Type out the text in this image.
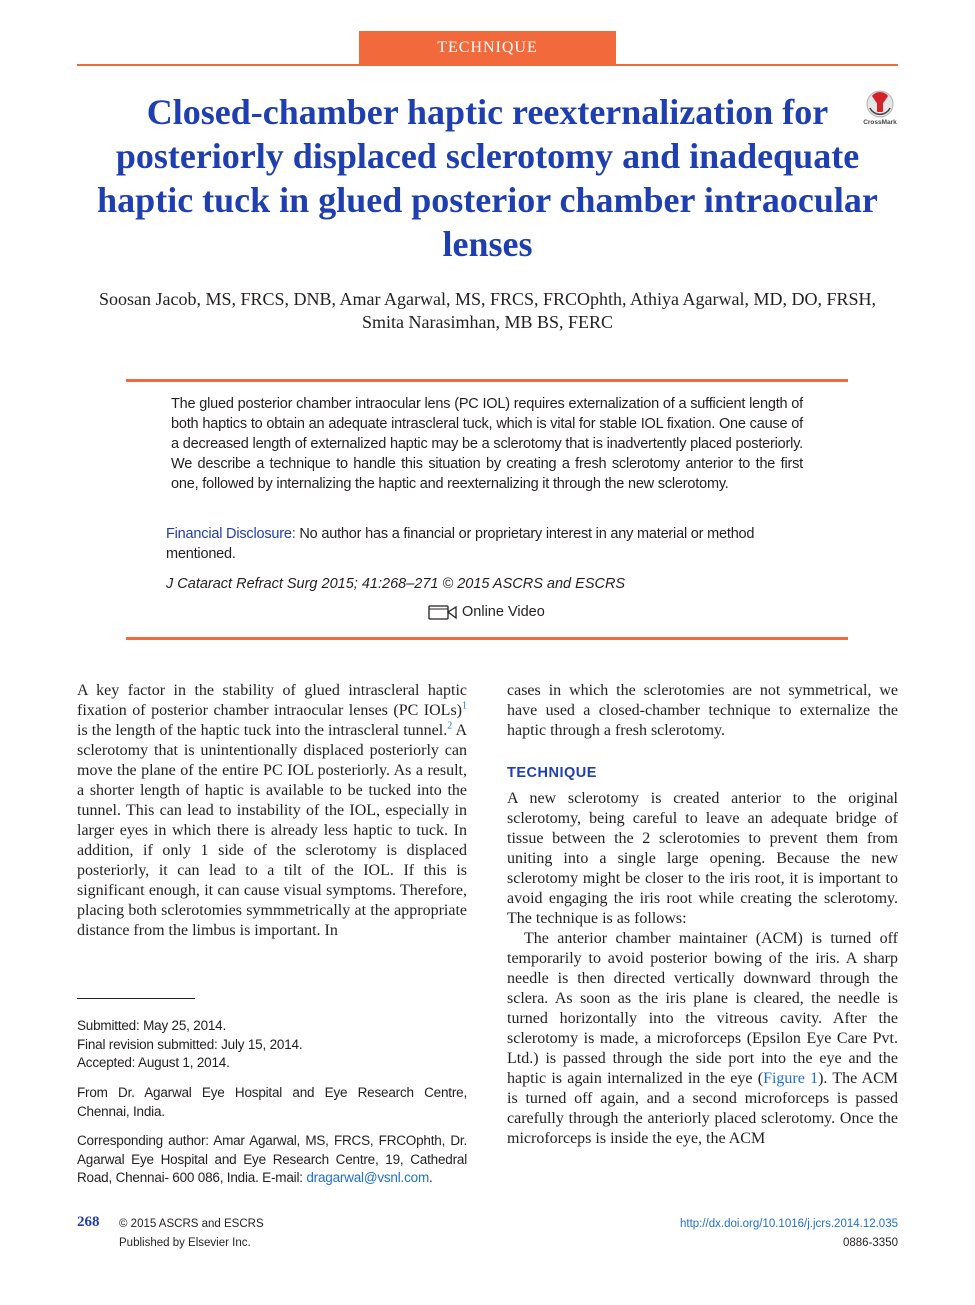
TECHNIQUE
Closed-chamber haptic reexternalization for posteriorly displaced sclerotomy and inadequate haptic tuck in glued posterior chamber intraocular lenses
CrossMark
Soosan Jacob, MS, FRCS, DNB, Amar Agarwal, MS, FRCS, FRCOphth, Athiya Agarwal, MD, DO, FRSH,
Smita Narasimhan, MB BS, FERC
The glued posterior chamber intraocular lens (PC IOL) requires externalization of a sufficient length of both haptics to obtain an adequate intrascleral tuck, which is vital for stable IOL fixation. One cause of a decreased length of externalized haptic may be a sclerotomy that is inadvertently placed posteriorly. We describe a technique to handle this situation by creating a fresh sclerotomy anterior to the first one, followed by internalizing the haptic and reexternalizing it through the new sclerotomy.
Financial Disclosure: No author has a financial or proprietary interest in any material or method mentioned.
J Cataract Refract Surg 2015; 41:268–271 © 2015 ASCRS and ESCRS
Online Video

A key factor in the stability of glued intrascleral haptic fixation of posterior chamber intraocular lenses (PC IOLs)$^1$ is the length of the haptic tuck into the intrascleral tunnel.$^2$ A sclerotomy that is unintentionally displaced posteriorly can move the plane of the entire PC IOL posteriorly. As a result, a shorter length of haptic is available to be tucked into the tunnel. This can lead to instability of the IOL, especially in larger eyes in which there is already less haptic to tuck. In addition, if only 1 side of the sclerotomy is displaced posteriorly, it can lead to a tilt of the IOL. If this is significant enough, it can cause visual symptoms. Therefore, placing both sclerotomies symmmetrically at the appropriate distance from the limbus is important. In

Submitted: May 25, 2014.
Final revision submitted: July 15, 2014.
Accepted: August 1, 2014.
From Dr. Agarwal Eye Hospital and Eye Research Centre, Chennai, India.
Corresponding author: Amar Agarwal, MS, FRCS, FRCOphth, Dr. Agarwal Eye Hospital and Eye Research Centre, 19, Cathedral Road, Chennai- 600 086, India. E-mail: dragarwal@vsnl.com.

cases in which the sclerotomies are not symmetrical, we have used a closed-chamber technique to externalize the haptic through a fresh sclerotomy.

TECHNIQUE

A new sclerotomy is created anterior to the original sclerotomy, being careful to leave an adequate bridge of tissue between the 2 sclerotomies to prevent them from uniting into a single large opening. Because the new sclerotomy might be closer to the iris root, it is important to avoid engaging the iris root while creating the sclerotomy. The technique is as follows:

The anterior chamber maintainer (ACM) is turned off temporarily to avoid posterior bowing of the iris. A sharp needle is then directed vertically downward through the sclera. As soon as the iris plane is cleared, the needle is turned horizontally into the vitreous cavity. After the sclerotomy is made, a microforceps (Epsilon Eye Care Pvt. Ltd.) is passed through the side port into the eye and the haptic is again internalized in the eye (Figure 1). The ACM is turned off again, and a second microforceps is passed carefully through the anteriorly placed sclerotomy. Once the microforceps is inside the eye, the ACM

268 © 2015 ASCRS and ESCRS
Published by Elsevier Inc.
http://dx.doi.org/10.1016/j.jcrs.2014.12.035
0886-3350
